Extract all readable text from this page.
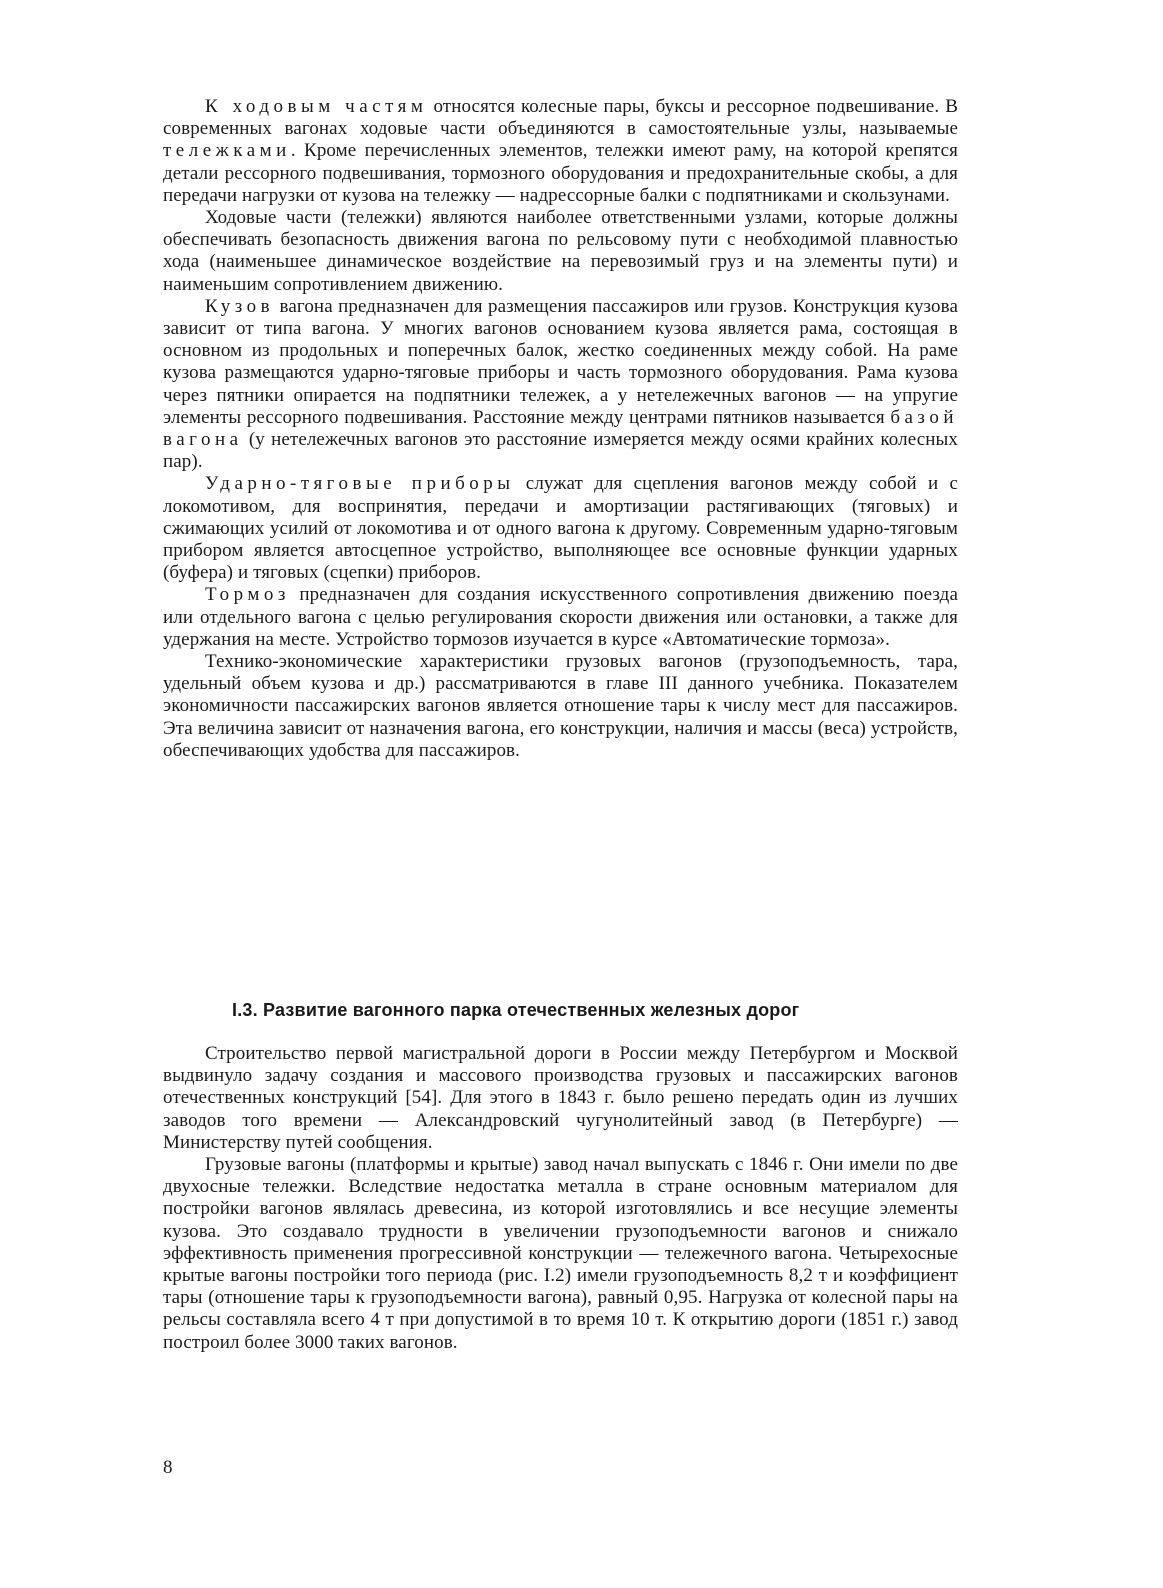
К ходовым частям относятся колесные пары, буксы и рессорное подвешивание. В современных вагонах ходовые части объединяются в самостоятельные узлы, называемые тележками. Кроме перечисленных элементов, тележки имеют раму, на которой крепятся детали рессорного подвешивания, тормозного оборудования и предохранительные скобы, а для передачи нагрузки от кузова на тележку — надрессорные балки с подпятниками и скользунами.

Ходовые части (тележки) являются наиболее ответственными узлами, которые должны обеспечивать безопасность движения вагона по рельсовому пути с необходимой плавностью хода (наименьшее динамическое воздействие на перевозимый груз и на элементы пути) и наименьшим сопротивлением движению.

Кузов вагона предназначен для размещения пассажиров или грузов. Конструкция кузова зависит от типа вагона. У многих вагонов основанием кузова является рама, состоящая в основном из продольных и поперечных балок, жестко соединенных между собой. На раме кузова размещаются ударно-тяговые приборы и часть тормозного оборудования. Рама кузова через пятники опирается на подпятники тележек, а у нетележечных вагонов — на упругие элементы рессорного подвешивания. Расстояние между центрами пятников называется базой вагона (у нетележечных вагонов это расстояние измеряется между осями крайних колесных пар).

Ударно-тяговые приборы служат для сцепления вагонов между собой и с локомотивом, для воспринятия, передачи и амортизации растягивающих (тяговых) и сжимающих усилий от локомотива и от одного вагона к другому. Современным ударно-тяговым прибором является автосцепное устройство, выполняющее все основные функции ударных (буфера) и тяговых (сцепки) приборов.

Тормоз предназначен для создания искусственного сопротивления движению поезда или отдельного вагона с целью регулирования скорости движения или остановки, а также для удержания на месте. Устройство тормозов изучается в курсе «Автоматические тормоза».

Технико-экономические характеристики грузовых вагонов (грузоподъемность, тара, удельный объем кузова и др.) рассматриваются в главе III данного учебника. Показателем экономичности пассажирских вагонов является отношение тары к числу мест для пассажиров. Эта величина зависит от назначения вагона, его конструкции, наличия и массы (веса) устройств, обеспечивающих удобства для пассажиров.

I.3. Развитие вагонного парка отечественных железных дорог

Строительство первой магистральной дороги в России между Петербургом и Москвой выдвинуло задачу создания и массового производства грузовых и пассажирских вагонов отечественных конструкций [54]. Для этого в 1843 г. было решено передать один из лучших заводов того времени — Александровский чугунолитейный завод (в Петербурге) — Министерству путей сообщения.

Грузовые вагоны (платформы и крытые) завод начал выпускать с 1846 г. Они имели по две двухосные тележки. Вследствие недостатка металла в стране основным материалом для постройки вагонов являлась древесина, из которой изготовлялись и все несущие элементы кузова. Это создавало трудности в увеличении грузоподъемности вагонов и снижало эффективность применения прогрессивной конструкции — тележечного вагона. Четырехосные крытые вагоны постройки того периода (рис. I.2) имели грузоподъемность 8,2 т и коэффициент тары (отношение тары к грузоподъемности вагона), равный 0,95. Нагрузка от колесной пары на рельсы составляла всего 4 т при допустимой в то время 10 т. К открытию дороги (1851 г.) завод построил более 3000 таких вагонов.

8
